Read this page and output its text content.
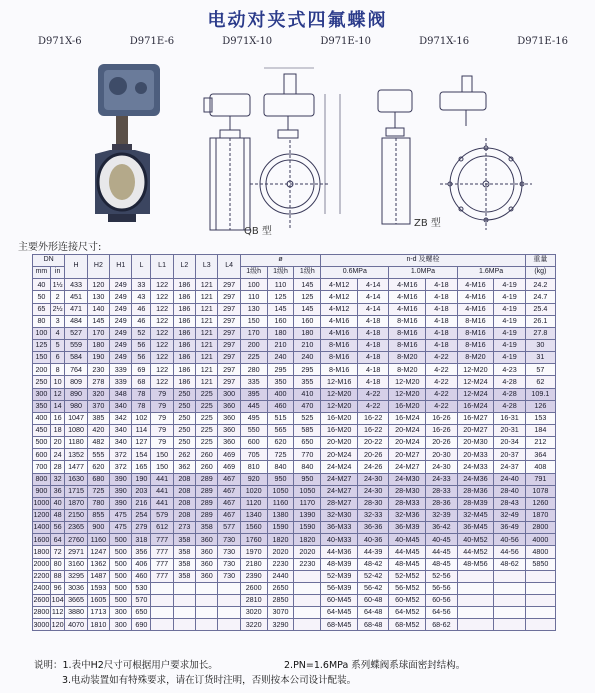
电动对夹式四氟蝶阀
D971X-6	D971E-6	D971X-10	D971E-10	D971X-16	D971E-16
QB 型
ZB 型
主要外形连接尺寸:
DN		H	H2	H1	L	L1	L2	L3	L4	ø			n-d 及螺栓						重量
mm	in									1级h	1级h	1级h	0.6MPa		1.0MPa		1.6MPa		(kg)

40	1½	433	120	249	33	122	186	121	297	100	110	145	4-M12	4-14	4-M16	4-18	4-M16	4-19	24.2
50	2	451	130	249	43	122	186	121	297	110	125	125	4-M12	4-14	4-M16	4-18	4-M16	4-19	24.7
65	2½	471	140	249	46	122	186	121	297	130	145	145	4-M12	4-14	4-M16	4-18	4-M16	4-19	25.4
80	3	484	145	249	46	122	186	121	297	150	160	160	4-M16	4-18	8-M16	4-18	8-M16	4-19	26.1
100	4	527	170	249	52	122	186	121	297	170	180	180	4-M16	4-18	8-M16	4-18	8-M16	4-19	27.8
125	5	559	180	249	56	122	186	121	297	200	210	210	8-M16	4-18	8-M16	4-18	8-M16	4-19	30
150	6	584	190	249	56	122	186	121	297	225	240	240	8-M16	4-18	8-M20	4-22	8-M20	4-19	31
200	8	764	230	339	69	122	186	121	297	280	295	295	8-M16	4-18	8-M20	4-22	12-M20	4-23	57
250	10	809	278	339	68	122	186	121	297	335	350	355	12-M16	4-18	12-M20	4-22	12-M24	4-28	62
300	12	890	320	348	78	79	250	225	300	395	400	410	12-M20	4-22	12-M20	4-22	12-M24	4-28	109.1
350	14	980	370	340	78	79	250	225	360	445	460	470	12-M20	4-22	16-M20	4-22	16-M24	4-28	126
400	16	1047	385	342	102	79	250	225	360	495	515	525	16-M20	16-22	16-M24	16-26	16-M27	16-31	153
450	18	1080	420	340	114	79	250	225	360	550	565	585	16-M20	16-22	20-M24	16-26	20-M27	20-31	184
500	20	1180	482	340	127	79	250	225	360	600	620	650	20-M20	20-22	20-M24	20-26	20-M30	20-34	212
600	24	1352	555	372	154	150	262	260	469	705	725	770	20-M24	20-26	20-M27	20-30	20-M33	20-37	364
700	28	1477	620	372	165	150	362	260	469	810	840	840	24-M24	24-26	24-M27	24-30	24-M33	24-37	408
800	32	1630	680	390	190	441	208	289	467	920	950	950	24-M27	24-30	24-M30	24-33	24-M36	24-40	791
900	36	1715	725	390	203	441	208	289	467	1020	1050	1050	24-M27	24-30	28-M30	28-33	28-M36	28-40	1078
1000	40	1870	780	390	216	441	208	289	467	1120	1160	1170	28-M27	28-30	28-M33	28-36	28-M39	28-43	1260
1200	48	2150	855	475	254	579	208	289	467	1340	1380	1390	32-M30	32-33	32-M36	32-39	32-M45	32-49	1870
1400	56	2365	900	475	279	612	273	358	577	1560	1590	1590	36-M33	36-36	36-M39	36-42	36-M45	36-49	2800
1600	64	2760	1160	500	318	777	358	360	730	1760	1820	1820	40-M33	40-36	40-M45	40-45	40-M52	40-56	4000
1800	72	2971	1247	500	356	777	358	360	730	1970	2020	2020	44-M36	44-39	44-M45	44-45	44-M52	44-56	4800
2000	80	3160	1362	500	406	777	358	360	730	2180	2230	2230	48-M39	48-42	48-M45	48-45	48-M56	48-62	5850
2200	88	3295	1487	500	460	777	358	360	730	2390	2440		52-M39	52-42	52-M52	52-56			
2400	96	3036	1593	500	530					2600	2650		56-M39	56-42	56-M52	56-56			
2600	104	3665	1605	500	570					2810	2850		60-M45	60-48	60-M52	60-56			
2800	112	3880	1713	300	650					3020	3070		64-M45	64-48	64-M52	64-56			
3000	120	4070	1810	300	690					3220	3290		68-M45	68-48	68-M52	68-62			
说明：1.表中H2尺寸可根据用户要求加长。	2.PN=1.6MPa 系列蝶阀系球面密封结构。
3.电动装置如有特殊要求，请在订货时注明，否则按本公司设计配装。
